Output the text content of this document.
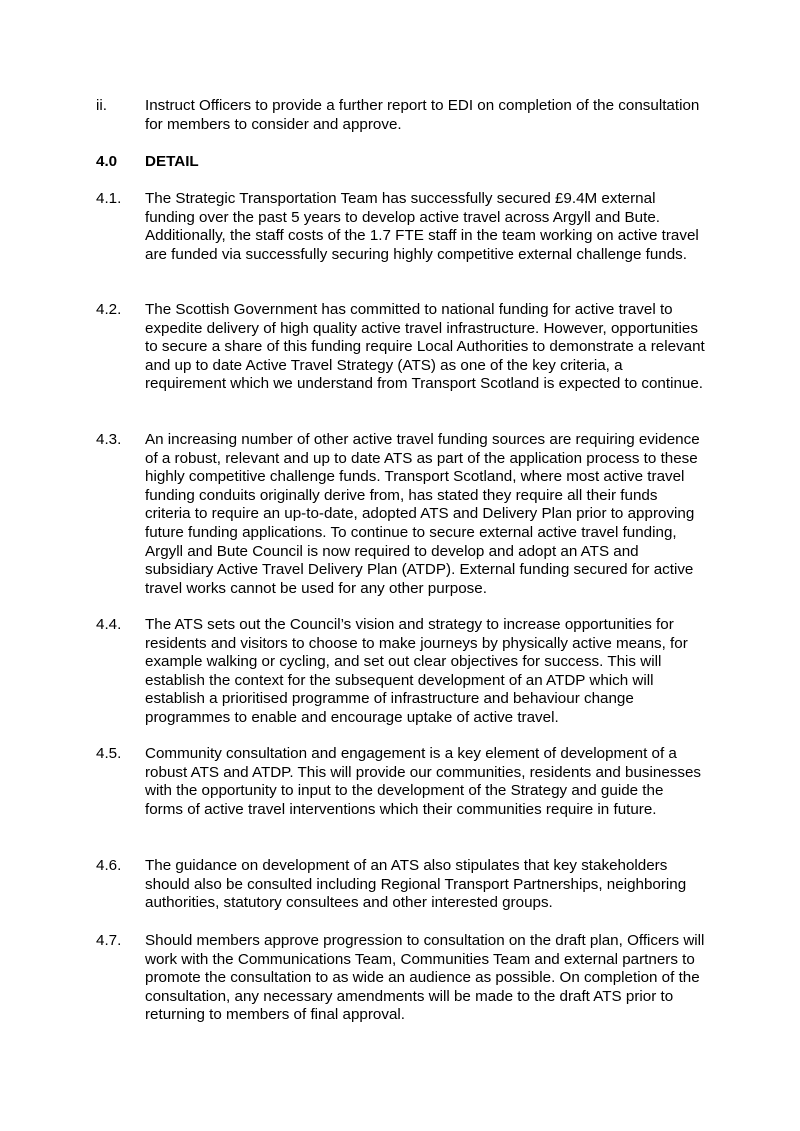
ii.	Instruct Officers to provide a further report to EDI on completion of the consultation for members to consider and approve.
4.0	DETAIL
4.1.	The Strategic Transportation Team has successfully secured £9.4M external funding over the past 5 years to develop active travel across Argyll and Bute. Additionally, the staff costs of the 1.7 FTE staff in the team working on active travel are funded via successfully securing highly competitive external challenge funds.
4.2.	The Scottish Government has committed to national funding for active travel to expedite delivery of high quality active travel infrastructure. However, opportunities to secure a share of this funding require Local Authorities to demonstrate a relevant and up to date Active Travel Strategy (ATS) as one of the key criteria, a requirement which we understand from Transport Scotland is expected to continue.
4.3.	An increasing number of other active travel funding sources are requiring evidence of a robust, relevant and up to date ATS as part of the application process to these highly competitive challenge funds. Transport Scotland, where most active travel funding conduits originally derive from, has stated they require all their funds criteria to require an up-to-date, adopted ATS and Delivery Plan prior to approving future funding applications. To continue to secure external active travel funding, Argyll and Bute Council is now required to develop and adopt an ATS and subsidiary Active Travel Delivery Plan (ATDP). External funding secured for active travel works cannot be used for any other purpose.
4.4.	The ATS sets out the Council’s vision and strategy to increase opportunities for residents and visitors to choose to make journeys by physically active means, for example walking or cycling, and set out clear objectives for success. This will establish the context for the subsequent development of an ATDP which will establish a prioritised programme of infrastructure and behaviour change programmes to enable and encourage uptake of active travel.
4.5.	Community consultation and engagement is a key element of development of a robust ATS and ATDP. This will provide our communities, residents and businesses with the opportunity to input to the development of the Strategy and guide the forms of active travel interventions which their communities require in future.
4.6.	The guidance on development of an ATS also stipulates that key stakeholders should also be consulted including Regional Transport Partnerships, neighboring authorities, statutory consultees and other interested groups.
4.7.	Should members approve progression to consultation on the draft plan, Officers will work with the Communications Team, Communities Team and external partners to promote the consultation to as wide an audience as possible. On completion of the consultation, any necessary amendments will be made to the draft ATS prior to returning to members of final approval.
